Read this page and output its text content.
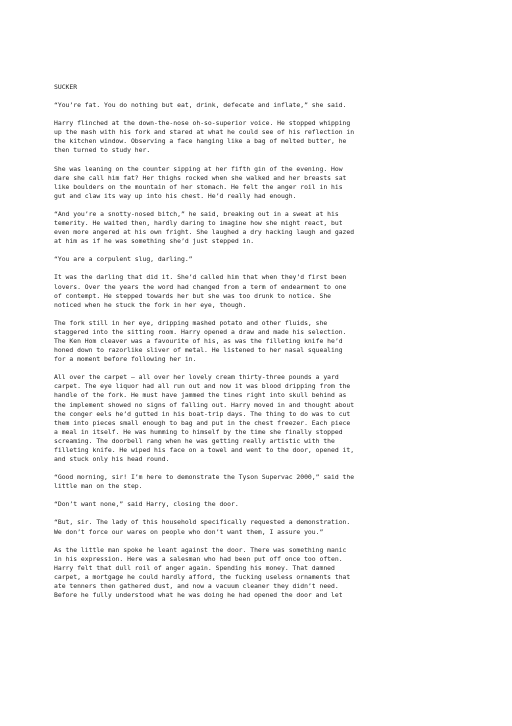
SUCKER

“You’re fat. You do nothing but eat, drink, defecate and inflate,” she said.

Harry flinched at the down-the-nose oh-so-superior voice. He stopped whipping
up the mash with his fork and stared at what he could see of his reflection in
the kitchen window. Observing a face hanging like a bag of melted butter, he
then turned to study her.

She was leaning on the counter sipping at her fifth gin of the evening. How
dare she call him fat? Her thighs rocked when she walked and her breasts sat
like boulders on the mountain of her stomach. He felt the anger roil in his
gut and claw its way up into his chest. He’d really had enough.

“And you’re a snotty-nosed bitch,” he said, breaking out in a sweat at his
temerity. He waited then, hardly daring to imagine how she might react, but
even more angered at his own fright. She laughed a dry hacking laugh and gazed
at him as if he was something she’d just stepped in.

“You are a corpulent slug, darling.”

It was the darling that did it. She’d called him that when they’d first been
lovers. Over the years the word had changed from a term of endearment to one
of contempt. He stepped towards her but she was too drunk to notice. She
noticed when he stuck the fork in her eye, though.

The fork still in her eye, dripping mashed potato and other fluids, she
staggered into the sitting room. Harry opened a draw and made his selection.
The Ken Hom cleaver was a favourite of his, as was the filleting knife he’d
honed down to razorlike sliver of metal. He listened to her nasal squealing
for a moment before following her in.

All over the carpet – all over her lovely cream thirty-three pounds a yard
carpet. The eye liquor had all run out and now it was blood dripping from the
handle of the fork. He must have jammed the tines right into skull behind as
the implement showed no signs of falling out. Harry moved in and thought about
the conger eels he’d gutted in his boat-trip days. The thing to do was to cut
them into pieces small enough to bag and put in the chest freezer. Each piece
a meal in itself. He was humming to himself by the time she finally stopped
screaming. The doorbell rang when he was getting really artistic with the
filleting knife. He wiped his face on a towel and went to the door, opened it,
and stuck only his head round.

“Good morning, sir! I’m here to demonstrate the Tyson Supervac 2000,” said the
little man on the step.

“Don’t want none,” said Harry, closing the door.

“But, sir. The lady of this household specifically requested a demonstration.
We don’t force our wares on people who don’t want them, I assure you.”

As the little man spoke he leant against the door. There was something manic
in his expression. Here was a salesman who had been put off once too often.
Harry felt that dull roil of anger again. Spending his money. That damned
carpet, a mortgage he could hardly afford, the fucking useless ornaments that
ate tenners then gathered dust, and now a vacuum cleaner they didn’t need.
Before he fully understood what he was doing he had opened the door and let
